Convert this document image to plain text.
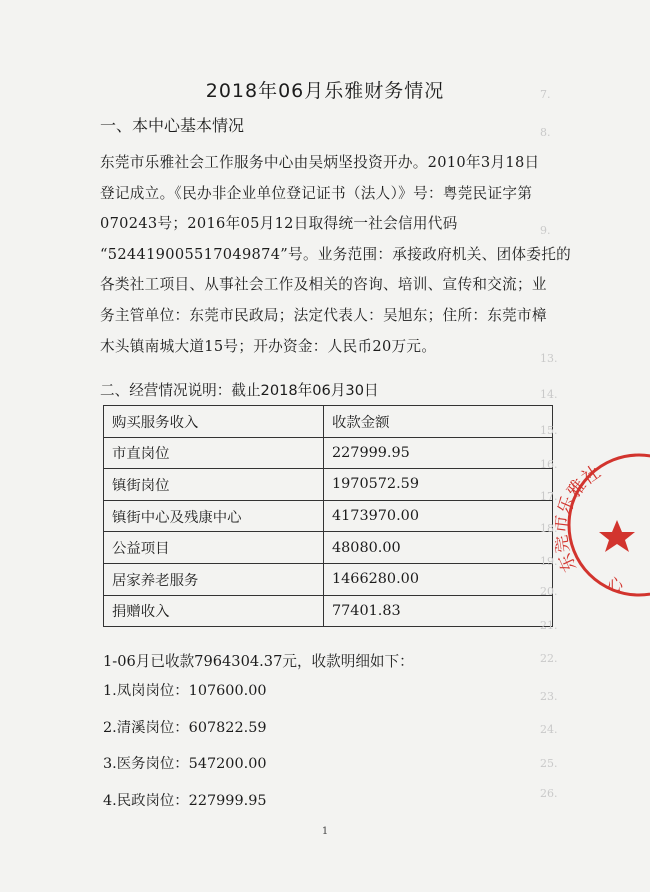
2018年06月乐雅财务情况
一、本中心基本情况

东莞市乐雅社会工作服务中心由吴炳坚投资开办。2010年3月18日

登记成立。《民办非企业单位登记证书（法人）》号：粤莞民证字第

070243号；2016年05月12日取得统一社会信用代码

“52441900551704987​4”号。业务范围：承接政府机关、团体委托的

各类社工项目、从事社会工作及相关的咨询、培训、宣传和交流；业

务主管单位：东莞市民政局；法定代表人：吴旭东；住所：东莞市樟

木头镇南城大道15号；开办资金：人民币20万元。

二、经营情况说明：截止2018年06月30日
购买服务收入	收款金额
市直岗位	227999.95
镇街岗位	1970572.59
镇街中心及残康中心	4173970.00
公益项目	48080.00
居家养老服务	1466280.00
捐赠收入	77401.83
1-06月已收款7964304.37元，收款明细如下：
1.凤岗岗位：107600.00
2.清溪岗位：607822.59
3.医务岗位：547200.00
4.民政岗位：227999.95
7.
8.
9.
13.
14.
15.
16.
17.
18.
19.
20.
21.
22.
23.
24.
25.
26.
1
东 乐雅社
心
